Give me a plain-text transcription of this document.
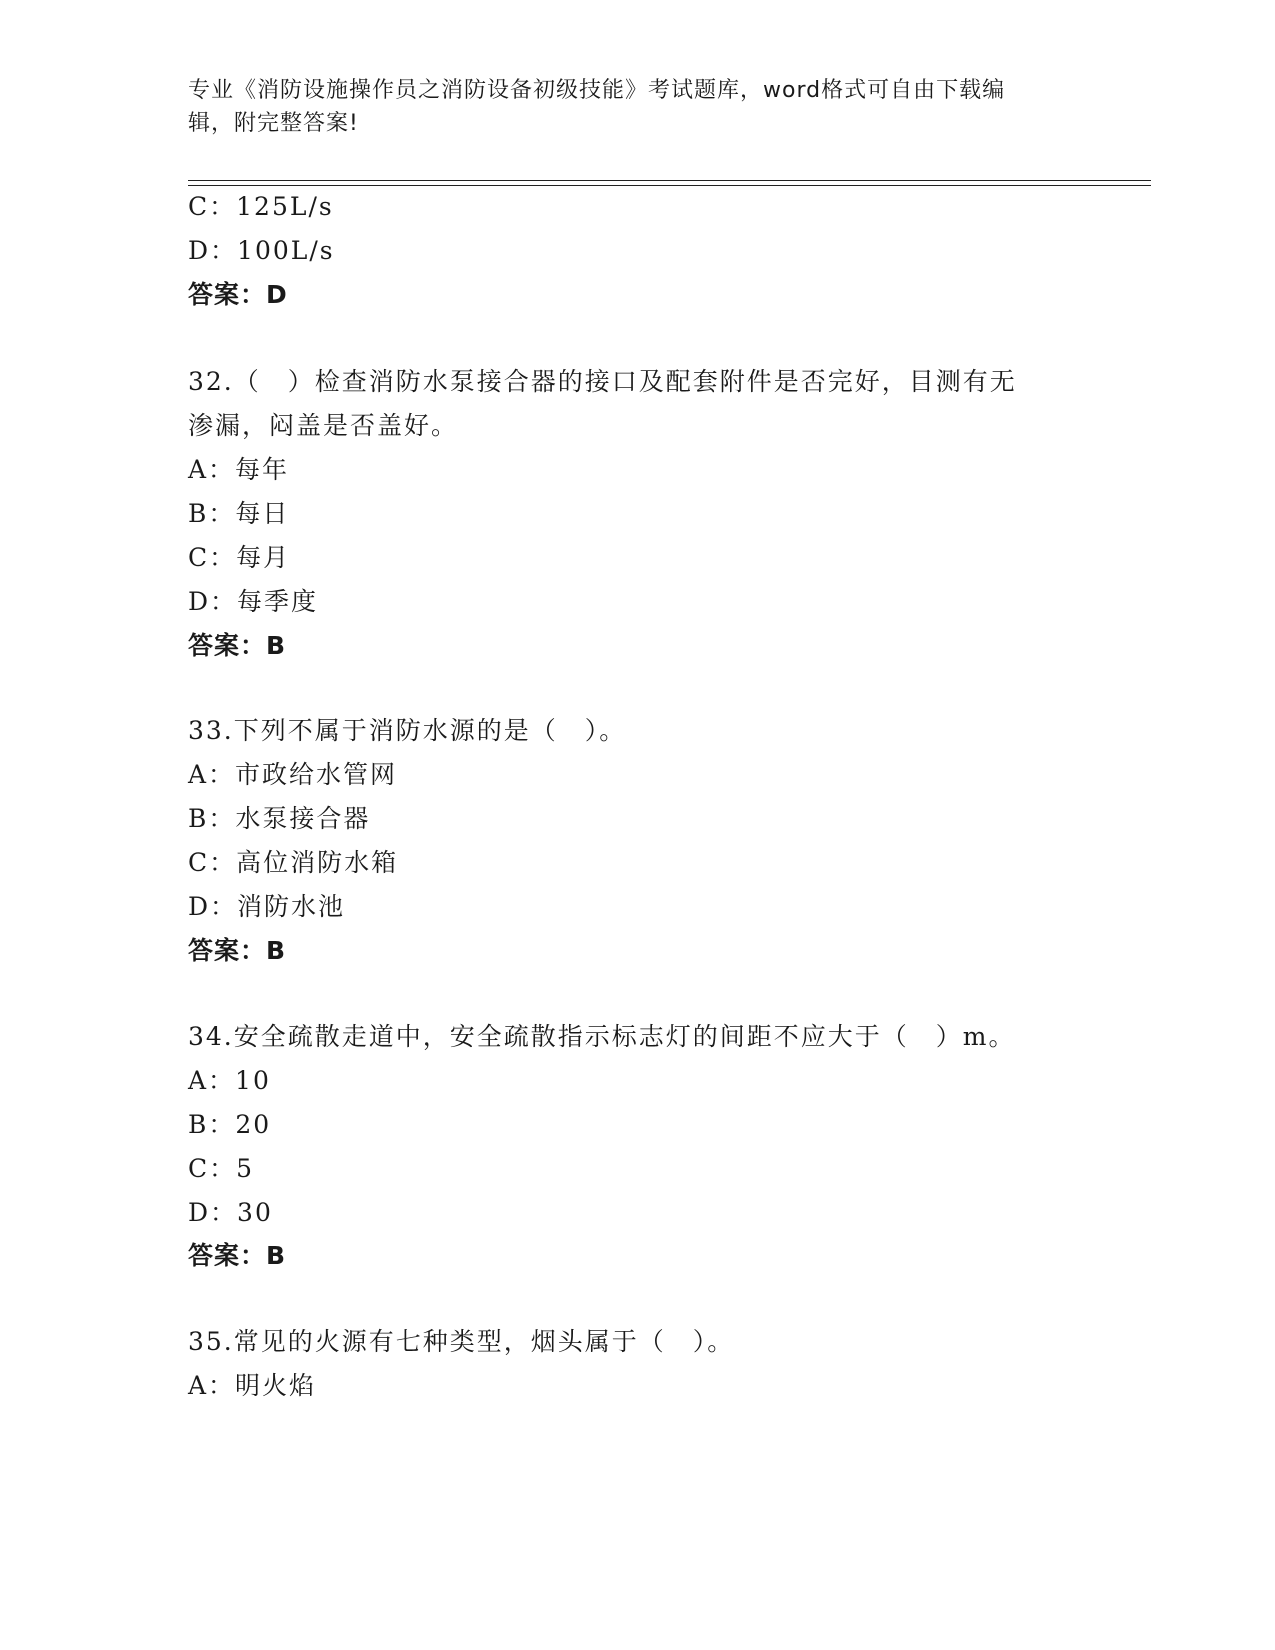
专业《消防设施操作员之消防设备初级技能》考试题库，word格式可自由下载编
辑，附完整答案!
C：125L/s
D：100L/s
答案：D
32.（　）检查消防水泵接合器的接口及配套附件是否完好，目测有无
渗漏，闷盖是否盖好。
A：每年
B：每日
C：每月
D：每季度
答案：B
33.下列不属于消防水源的是（　）。
A：市政给水管网
B：水泵接合器
C：高位消防水箱
D：消防水池
答案：B
34.安全疏散走道中，安全疏散指示标志灯的间距不应大于（　）m。
A：10
B：20
C：5
D：30
答案：B
35.常见的火源有七种类型，烟头属于（　）。
A：明火焰
